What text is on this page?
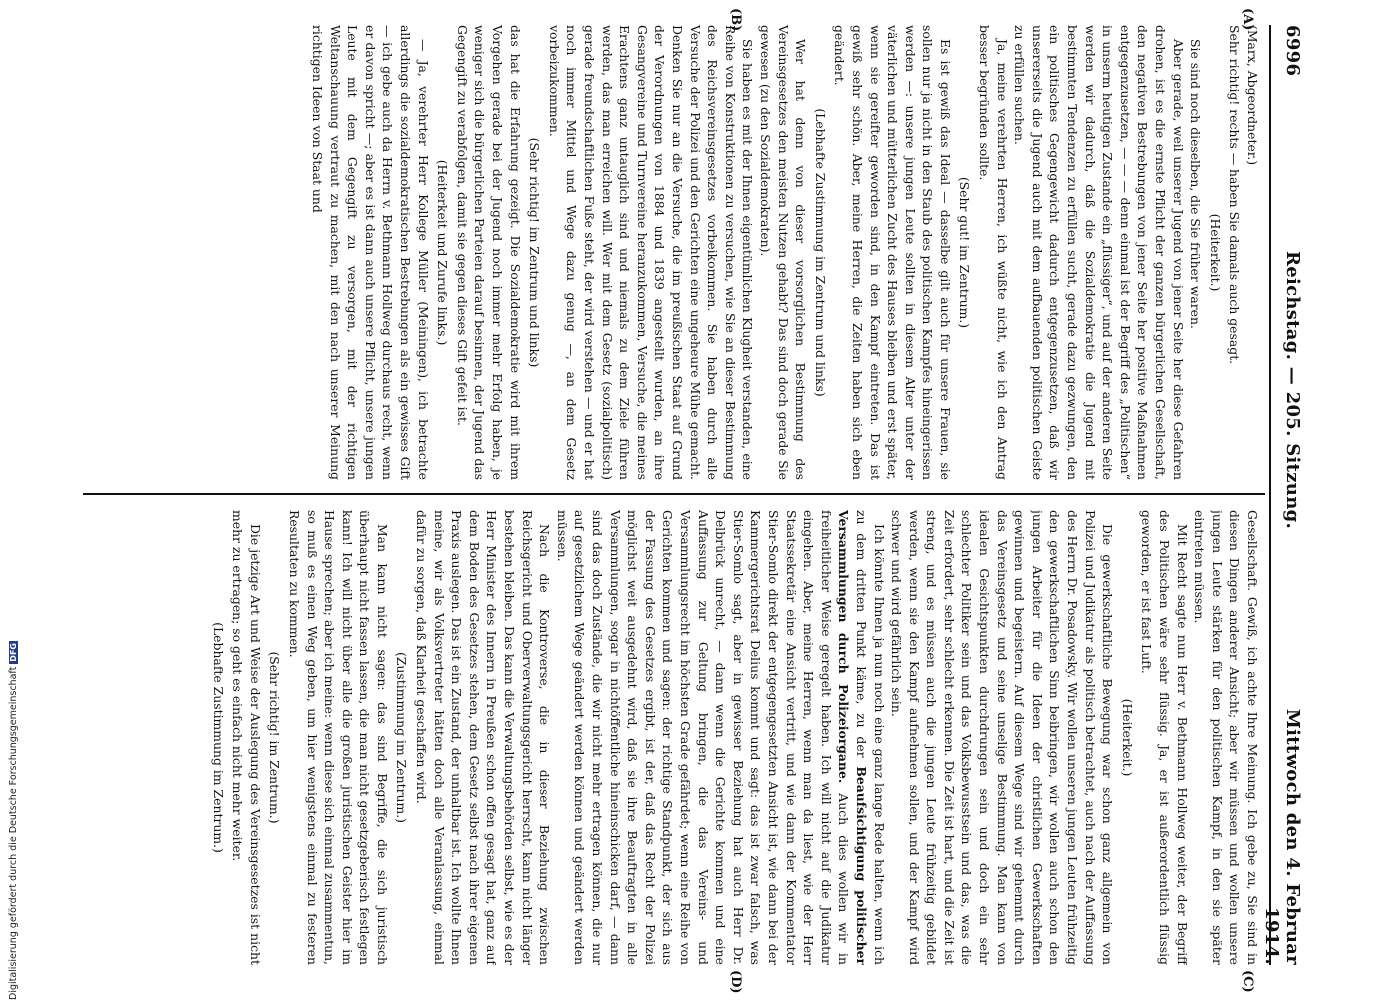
Digitalisierung gefördert durch die Deutsche ForschungsgemeinschaftDFG
6996
Reichstag. — 205. Sitzung.
Mittwoch den 4. Februar 1914.
(A)
(B)
(C)
(D)

(Marx, Abgeordneter.)

Sehr richtig! rechts — haben Sie damals auch gesagt.

(Heiterkeit.)

Sie sind noch dieselben, die Sie früher waren.

Aber gerade, weil unserer Jugend von jener Seite her diese Gefahren drohen, ist es die ernste Pflicht der ganzen bürgerlichen Gesellschaft, den negativen Bestrebungen von jener Seite her positive Maßnahmen entgegenzusetzen, — — — denn einmal ist der Begriff des „Politischen“ in unserm heutigen Zustande ein „flüssiger“, und auf der anderen Seite werden wir dadurch, daß die Sozialdemokratie die Jugend mit bestimmten Tendenzen zu erfüllen sucht, gerade dazu gezwungen, den ein politisches Gegengewicht dadurch entgegenzusetzen, daß wir unsererseits die Jugend auch mit dem aufbauenden politischen Geiste zu erfüllen suchen.

Ja, meine verehrten Herren, ich wüßte nicht, wie ich den Antrag besser begründen sollte.

(Sehr gut! im Zentrum.)

Es ist gewiß das Ideal — dasselbe gilt auch für unsere Frauen, sie sollen nur ja nicht in den Staub des politischen Kampfes hineingerissen werden —: unsere jungen Leute sollten in diesem Alter unter der väterlichen und mütterlichen Zucht des Hauses bleiben und erst später, wenn sie gereifter geworden sind, in den Kampf eintreten. Das ist gewiß sehr schön. Aber, meine Herren, die Zeiten haben sich eben geändert.

(Lebhafte Zustimmung im Zentrum und links)

Wer hat denn von dieser vorsorglichen Bestimmung des Vereinsgesetzes den meisten Nutzen gehabt? Das sind doch gerade Sie gewesen (zu den Sozialdemokraten).

Sie haben es mit der Ihnen eigentümlichen Klugheit verstanden, eine Reihe von Konstruktionen zu versuchen, wie Sie an dieser Bestimmung des Reichsvereinsgesetzes vorbeikommen. Sie haben durch alle Versuche der Polizei und den Gerichten eine ungeheure Mühe gemacht. Denken Sie nur an die Versuche, die im preußischen Staat auf Grund der Verordnungen von 1884 und 1839 angestellt wurden, an ihre Gesangvereine und Turnvereine heranzukommen, Versuche, die meines Erachtens ganz untauglich sind und niemals zu dem Ziele führen werden, das man erreichen will. Wer mit dem Gesetz (sozialpolitisch) gerade freundschaftlichen Fuße steht, der wird verstehen — und er hat noch immer Mittel und Wege dazu genug —, an dem Gesetz vorbeizukommen.

(Sehr richtig! im Zentrum und links)

das hat die Erfahrung gezeigt. Die Sozialdemokratie wird mit ihrem Vorgehen gerade bei der Jugend noch immer mehr Erfolg haben, je weniger sich die bürgerlichen Parteien darauf besinnen, der Jugend das Gegengift zu verabfolgen, damit sie gegen dieses Gift gefeit ist.

(Heiterkeit und Zurufe links.)

— Ja, verehrter Herr Kollege Müller (Meiningen), ich betrachte allerdings die sozialdemokratischen Bestrebungen als ein gewisses Gift — ich gebe auch da Herrn v. Bethmann Hollweg durchaus recht, wenn er davon spricht —; aber es ist dann auch unsere Pflicht, unsere jungen Leute mit dem Gegengift zu versorgen, mit der richtigen Weltanschauung vertraut zu machen, mit den nach unserer Meinung richtigen Ideen von Staat und

Gesellschaft. Gewiß, ich achte Ihre Meinung. Ich gebe zu, Sie sind in diesen Dingen anderer Ansicht; aber wir müssen und wollen unsere jungen Leute stärken für den politischen Kampf, in den sie später eintreten müssen.

Mit Recht sagte nun Herr v. Bethmann Hollweg weiter, der Begriff des Politischen wäre sehr flüssig. Ja, er ist außerordentlich flüssig geworden, er ist fast Luft.

(Heiterkeit.)

Die gewerkschaftliche Bewegung war schon ganz allgemein von Polizei und Judikatur als politisch betrachtet, auch nach der Auffassung des Herrn Dr. Posadowsky. Wir wollen unseren jungen Leuten frühzeitig den gewerkschaftlichen Sinn beibringen, wir wollen auch schon den jungen Arbeiter für die Ideen der christlichen Gewerkschaften gewinnen und begeistern. Auf diesem Wege sind wir gehemmt durch das Vereinsgesetz und seine unselige Bestimmung. Man kann von idealen Gesichtspunkten durchdrungen sein und doch ein sehr schlechter Politiker sein und das Volksbewusstsein und das, was die Zeit erfordert, sehr schlecht erkennen. Die Zeit ist hart, und die Zeit ist streng, und es müssen auch die jungen Leute frühzeitig gebildet werden, wenn sie den Kampf aufnehmen sollen, und der Kampf wird schwer und wird gefährlich sein.

Ich könnte Ihnen ja nun noch eine ganz lange Rede halten, wenn ich zu dem dritten Punkt käme, zu der Beaufsichtigung politischer Versammlungen durch Polizeiorgane. Auch dies wollen wir in freiheitlicher Weise geregelt haben. Ich will nicht auf die Judikatur eingehen. Aber, meine Herren, wenn man da liest, wie der Herr Staatssekretär eine Ansicht vertritt, und wie dann der Kommentator Stier-Somlo direkt der entgegengesetzten Ansicht ist, wie dann bei der Kammergerichtsrat Delius kommt und sagt: das ist zwar falsch, was Stier-Somlo sagt, aber in gewisser Beziehung hat auch Herr Dr. Delbrück unrecht, — dann wenn die Gerichte kommen und eine Auffassung zur Geltung bringen, die das Vereins- und Versammlungsrecht im höchsten Grade gefährdet; wenn eine Reihe von Gerichten kommen und sagen: der richtige Standpunkt, der sich aus der Fassung des Gesetzes ergibt, ist der, daß das Recht der Polizei möglichst weit ausgedehnt wird, daß sie ihre Beauftragten in alle Versammlungen, sogar in nichtöffentliche hineinschicken darf, — dann sind das doch Zustände, die wir nicht mehr ertragen können, die nur auf gesetzlichem Wege geändert werden können und geändert werden müssen.

Nach die Kontroverse, die in dieser Beziehung zwischen Reichsgericht und Oberverwaltungsgericht herrscht, kann nicht länger bestehen bleiben. Das kann die Verwaltungsbehörden selbst, wie es der Herr Minister des Innern in Preußen schon offen gesagt hat, ganz auf dem Boden des Gesetzes stehen, dem Gesetz selbst nach ihrer eigenen Praxis auslegen. Das ist ein Zustand, der unhaltbar ist. Ich wollte Ihnen meine, wir als Volksvertreter hätten doch alle Veranlassung, einmal dafür zu sorgen, daß Klarheit geschaffen wird.

(Zustimmung im Zentrum.)

Man kann nicht sagen: das sind Begriffe, die sich juristisch überhaupt nicht fassen lassen, die man nicht gesetzgeberisch festlegen kann! Ich will nicht über alle die großen juristischen Geister hier im Hause sprechen; aber ich meine: wenn diese sich einmal zusammentun, so muß es einen Weg geben, um hier wenigstens einmal zu festeren Resultaten zu kommen.

(Sehr richtig! im Zentrum.)

Die jetzige Art und Weise der Auslegung des Vereinsgesetzes ist nicht mehr zu ertragen; so geht es einfach nicht mehr weiter.

(Lebhafte Zustimmung im Zentrum.)
